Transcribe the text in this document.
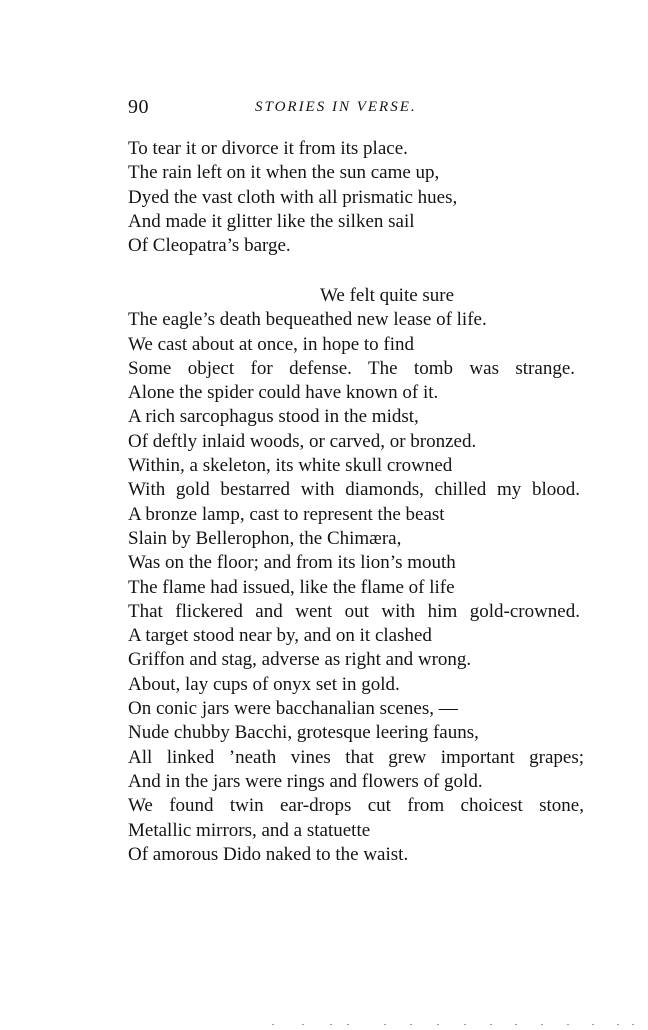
90	STORIES IN VERSE.
To tear it or divorce it from its place.
The rain left on it when the sun came up,
Dyed the vast cloth with all prismatic hues,
And made it glitter like the silken sail
Of Cleopatra’s barge.
We felt quite sure
The eagle’s death bequeathed new lease of life.
We cast about at once, in hope to find
Some object for defense. The tomb was strange.
Alone the spider could have known of it.
A rich sarcophagus stood in the midst,
Of deftly inlaid woods, or carved, or bronzed.
Within, a skeleton, its white skull crowned
With gold bestarred with diamonds, chilled my blood.
A bronze lamp, cast to represent the beast
Slain by Bellerophon, the Chimæra,
Was on the floor; and from its lion’s mouth
The flame had issued, like the flame of life
That flickered and went out with him gold-crowned.
A target stood near by, and on it clashed
Griffon and stag, adverse as right and wrong.
About, lay cups of onyx set in gold.
On conic jars were bacchanalian scenes, —
Nude chubby Bacchi, grotesque leering fauns,
All linked ’neath vines that grew important grapes;
And in the jars were rings and flowers of gold.
We found twin ear-drops cut from choicest stone,
Metallic mirrors, and a statuette
Of amorous Dido naked to the waist.
